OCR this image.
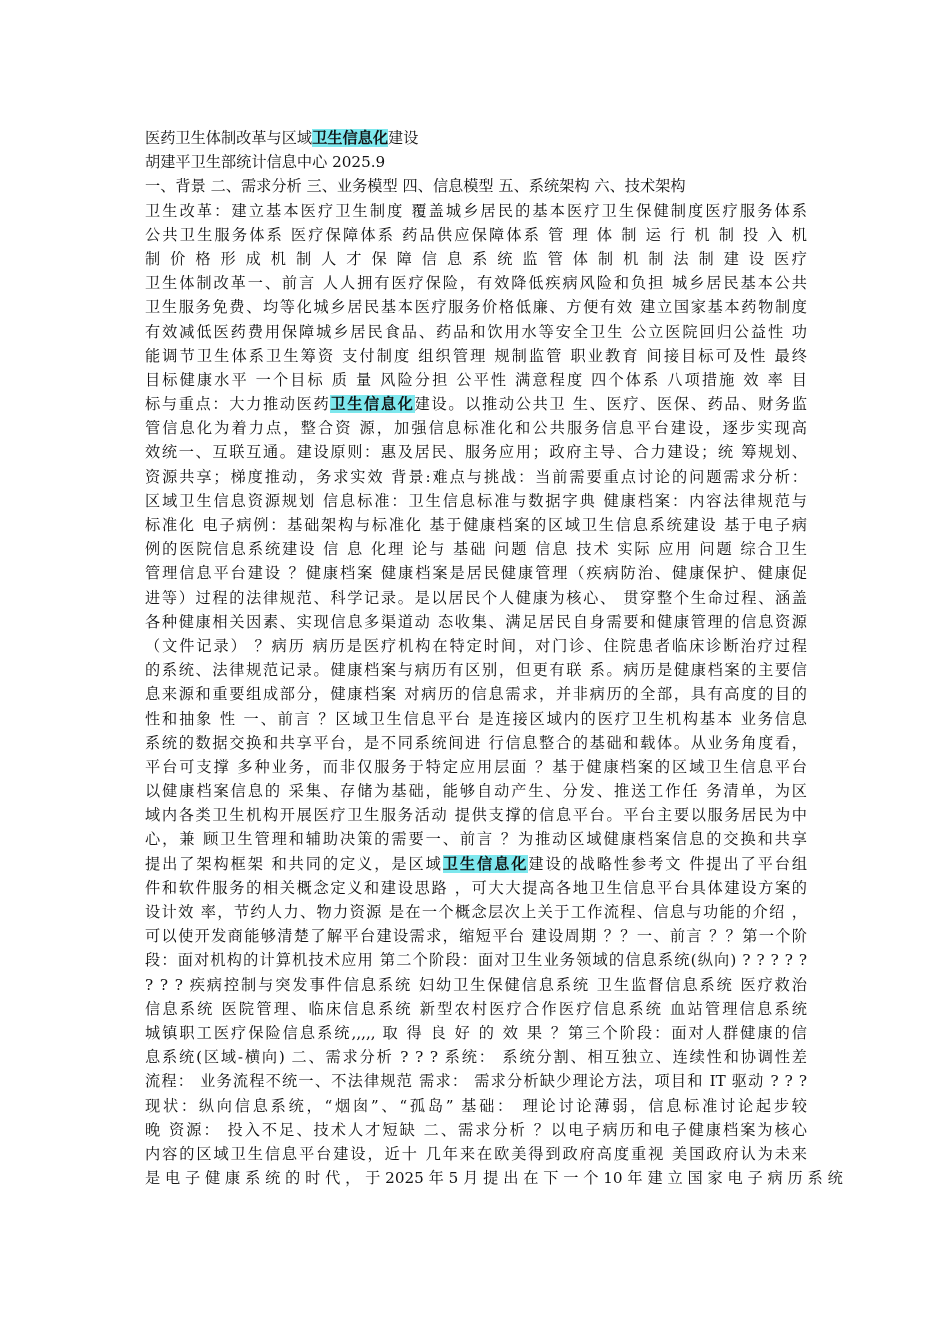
医药卫生体制改革与区域卫生信息化建设
胡建平卫生部统计信息中心 2025.9
一、背景 二、需求分析 三、业务模型 四、信息模型 五、系统架构 六、技术架构
卫生改革：建立基本医疗卫生制度 覆盖城乡居民的基本医疗卫生保健制度医疗服务体系
公共卫生服务体系 医疗保障体系 药品供应保障体系 管 理 体 制 运 行 机 制 投 入 机
制 价 格 形 成 机 制 人 才 保 障 信 息 系 统 监 管 体 制 机 制 法 制 建 设 医疗
卫生体制改革一、前言 人人拥有医疗保险，有效降低疾病风险和负担 城乡居民基本公共
卫生服务免费、均等化城乡居民基本医疗服务价格低廉、方便有效 建立国家基本药物制度
有效减低医药费用保障城乡居民食品、药品和饮用水等安全卫生 公立医院回归公益性 功
能调节卫生体系卫生筹资 支付制度 组织管理 规制监管 职业教育 间接目标可及性 最终
目标健康水平 一个目标 质 量 风险分担 公平性 满意程度 四个体系 八项措施 效 率 目
标与重点：大力推动医药卫生信息化建设。以推动公共卫 生、医疗、医保、药品、财务监
管信息化为着力点，整合资 源，加强信息标准化和公共服务信息平台建设，逐步实现高
效统一、互联互通。建设原则：惠及居民、服务应用；政府主导、合力建设；统 筹规划、
资源共享；梯度推动，务求实效 背景:难点与挑战：当前需要重点讨论的问题需求分析：
区域卫生信息资源规划 信息标准：卫生信息标准与数据字典 健康档案：内容法律规范与
标准化 电子病例：基础架构与标准化 基于健康档案的区域卫生信息系统建设 基于电子病
例的医院信息系统建设 信 息 化理 论与 基础 问题 信息 技术 实际 应用 问题 综合卫生
管理信息平台建设 ？健康档案 健康档案是居民健康管理（疾病防治、健康保护、健康促
进等）过程的法律规范、科学记录。是以居民个人健康为核心、 贯穿整个生命过程、涵盖
各种健康相关因素、实现信息多渠道动 态收集、满足居民自身需要和健康管理的信息资源
（文件记录） ？病历 病历是医疗机构在特定时间，对门诊、住院患者临床诊断治疗过程
的系统、法律规范记录。健康档案与病历有区别，但更有联 系。病历是健康档案的主要信
息来源和重要组成部分，健康档案 对病历的信息需求，并非病历的全部，具有高度的目的
性和抽象 性 一、前言 ？区域卫生信息平台 是连接区域内的医疗卫生机构基本 业务信息
系统的数据交换和共享平台，是不同系统间进 行信息整合的基础和载体。从业务角度看，
平台可支撑 多种业务，而非仅服务于特定应用层面 ？基于健康档案的区域卫生信息平台
以健康档案信息的 采集、存储为基础，能够自动产生、分发、推送工作任 务清单，为区
域内各类卫生机构开展医疗卫生服务活动 提供支撑的信息平台。平台主要以服务居民为中
心，兼 顾卫生管理和辅助决策的需要一、前言 ？为推动区域健康档案信息的交换和共享
提出了架构框架 和共同的定义，是区域卫生信息化建设的战略性参考文 件提出了平台组
件和软件服务的相关概念定义和建设思路 ，可大大提高各地卫生信息平台具体建设方案的
设计效 率，节约人力、物力资源 是在一个概念层次上关于工作流程、信息与功能的介绍 ，
可以使开发商能够清楚了解平台建设需求，缩短平台 建设周期 ？？一、前言 ？？第一个阶
段：面对机构的计算机技术应用 第二个阶段：面对卫生业务领域的信息系统(纵向) ? ? ? ? ?
? ? ? 疾病控制与突发事件信息系统 妇幼卫生保健信息系统 卫生监督信息系统 医疗救治
信息系统 医院管理、临床信息系统 新型农村医疗合作医疗信息系统 血站管理信息系统
城镇职工医疗保险信息系统,,,,, 取 得 良 好 的 效 果 ？第三个阶段：面对人群健康的信
息系统(区域-横向) 二、需求分析 ? ? ? 系统： 系统分割、相互独立、连续性和协调性差
流程： 业务流程不统一、不法律规范 需求： 需求分析缺少理论方法，项目和 IT 驱动 ? ? ?
现状：纵向信息系统，“烟囱”、“孤岛” 基础： 理论讨论薄弱，信息标准讨论起步较
晚 资源： 投入不足、技术人才短缺 二、需求分析 ？以电子病历和电子健康档案为核心
内容的区域卫生信息平台建设，近十 几年来在欧美得到政府高度重视 美国政府认为未来
是 电 子 健 康 系 统 的 时 代 ， 于 2025 年 5 月 提 出 在 下 一 个 10 年 建 立 国 家 电 子 病 历 系 统
